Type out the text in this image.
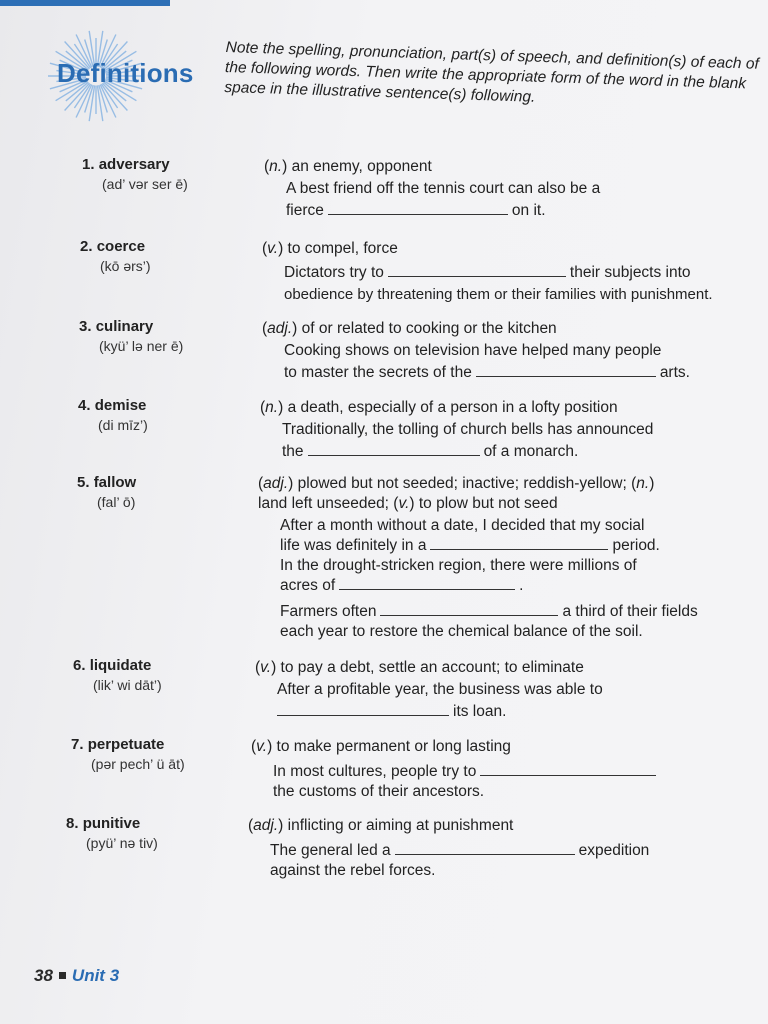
Definitions
Note the spelling, pronunciation, part(s) of speech, and definition(s) of each of the following words. Then write the appropriate form of the word in the blank space in the illustrative sentence(s) following.
1. adversary
(ad’ vər ser ē)
(n.) an enemy, opponent
A best friend off the tennis court can also be a
fierce	on it.
2. coerce
(kō ərs’)
(v.) to compel, force
Dictators try to	their subjects into
obedience by threatening them or their families with punishment.
3. culinary
(kyü’ lə ner ē)
(adj.) of or related to cooking or the kitchen
Cooking shows on television have helped many people
to master the secrets of the	arts.
4. demise
(di mīz’)
(n.) a death, especially of a person in a lofty position
Traditionally, the tolling of church bells has announced
the	of a monarch.
5. fallow
(fal’ ō)
(adj.) plowed but not seeded; inactive; reddish-yellow; (n.)
land left unseeded; (v.) to plow but not seed
After a month without a date, I decided that my social
life was definitely in a	period.
In the drought-stricken region, there were millions of
acres of	.
Farmers often	a third of their fields
each year to restore the chemical balance of the soil.
6. liquidate
(lik’ wi dāt’)
(v.) to pay a debt, settle an account; to eliminate
After a profitable year, the business was able to
its loan.
7. perpetuate
(pər pech’ ü āt)
(v.) to make permanent or long lasting
In most cultures, people try to
the customs of their ancestors.
8. punitive
(pyü’ nə tiv)
(adj.) inflicting or aiming at punishment
The general led a	expedition
against the rebel forces.
38 Unit 3
